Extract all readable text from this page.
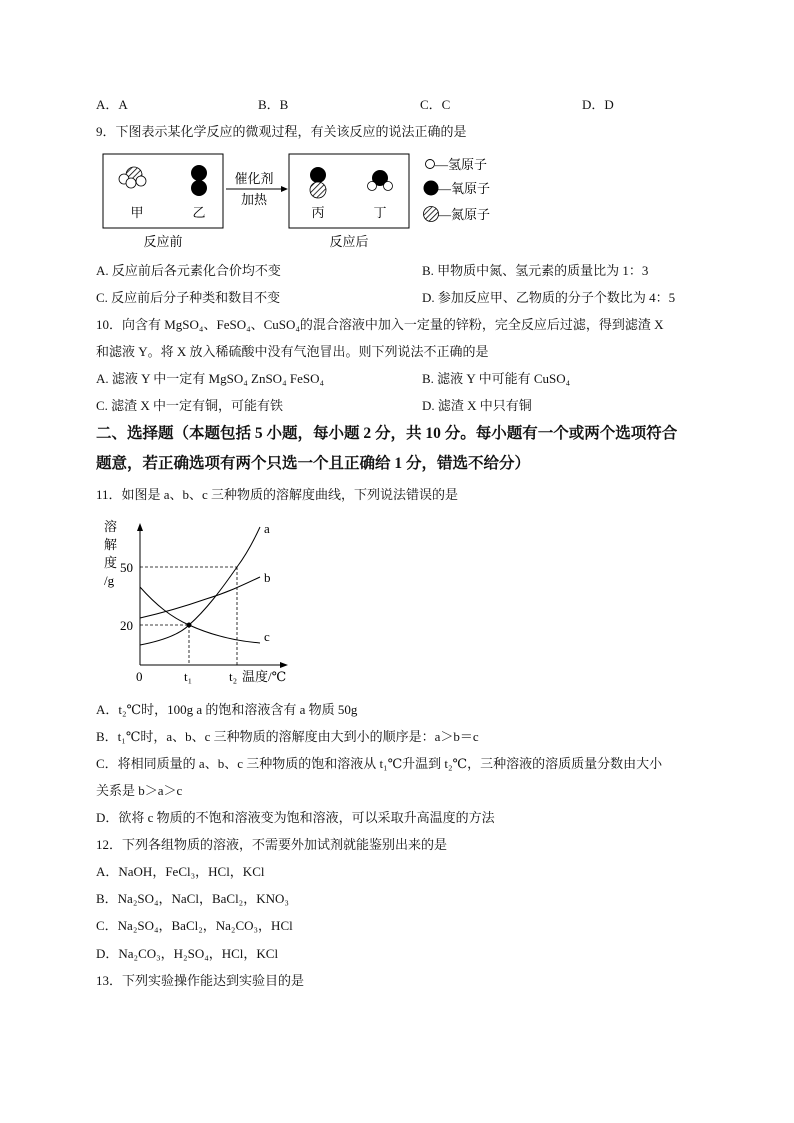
A．A	B．B	C．C	D．D
9．下图表示某化学反应的微观过程，有关该反应的说法正确的是
甲	乙
催化剂
加热
丙	丁
—氢原子
—氧原子
—氮原子
反应前	反应后
A. 反应前后各元素化合价均不变	B. 甲物质中氮、氢元素的质量比为 1：3
C. 反应前后分子种类和数目不变	D. 参加反应甲、乙物质的分子个数比为 4：5
10．向含有 MgSO₄、FeSO₄、CuSO₄的混合溶液中加入一定量的锌粉，完全反应后过滤，得到滤渣 X
和滤液 Y。将 X 放入稀硫酸中没有气泡冒出。则下列说法不正确的是
A. 滤液 Y 中一定有 MgSO₄ ZnSO₄ FeSO₄	B. 滤液 Y 中可能有 CuSO₄
C. 滤渣 X 中一定有铜，可能有铁	D. 滤渣 X 中只有铜
二、选择题（本题包括 5 小题，每小题 2 分，共 10 分。每小题有一个或两个选项符合
题意，若正确选项有两个只选一个且正确给 1 分，错选不给分）
11．如图是 a、b、c 三种物质的溶解度曲线，下列说法错误的是
溶
解
度
/g
a
b
c
50
20
0	t₁	t₂ 温度/℃
A．t₂℃时，100g a 的饱和溶液含有 a 物质 50g
B．t₁℃时，a、b、c 三种物质的溶解度由大到小的顺序是：a＞b＝c
C．将相同质量的 a、b、c 三种物质的饱和溶液从 t₁℃升温到 t₂℃，三种溶液的溶质质量分数由大小
关系是 b＞a＞c
D．欲将 c 物质的不饱和溶液变为饱和溶液，可以采取升高温度的方法
12．下列各组物质的溶液，不需要外加试剂就能鉴别出来的是
A．NaOH，FeCl₃，HCl，KCl
B．Na₂SO₄，NaCl，BaCl₂，KNO₃
C．Na₂SO₄，BaCl₂，Na₂CO₃，HCl
D．Na₂CO₃，H₂SO₄，HCl，KCl
13．下列实验操作能达到实验目的是
